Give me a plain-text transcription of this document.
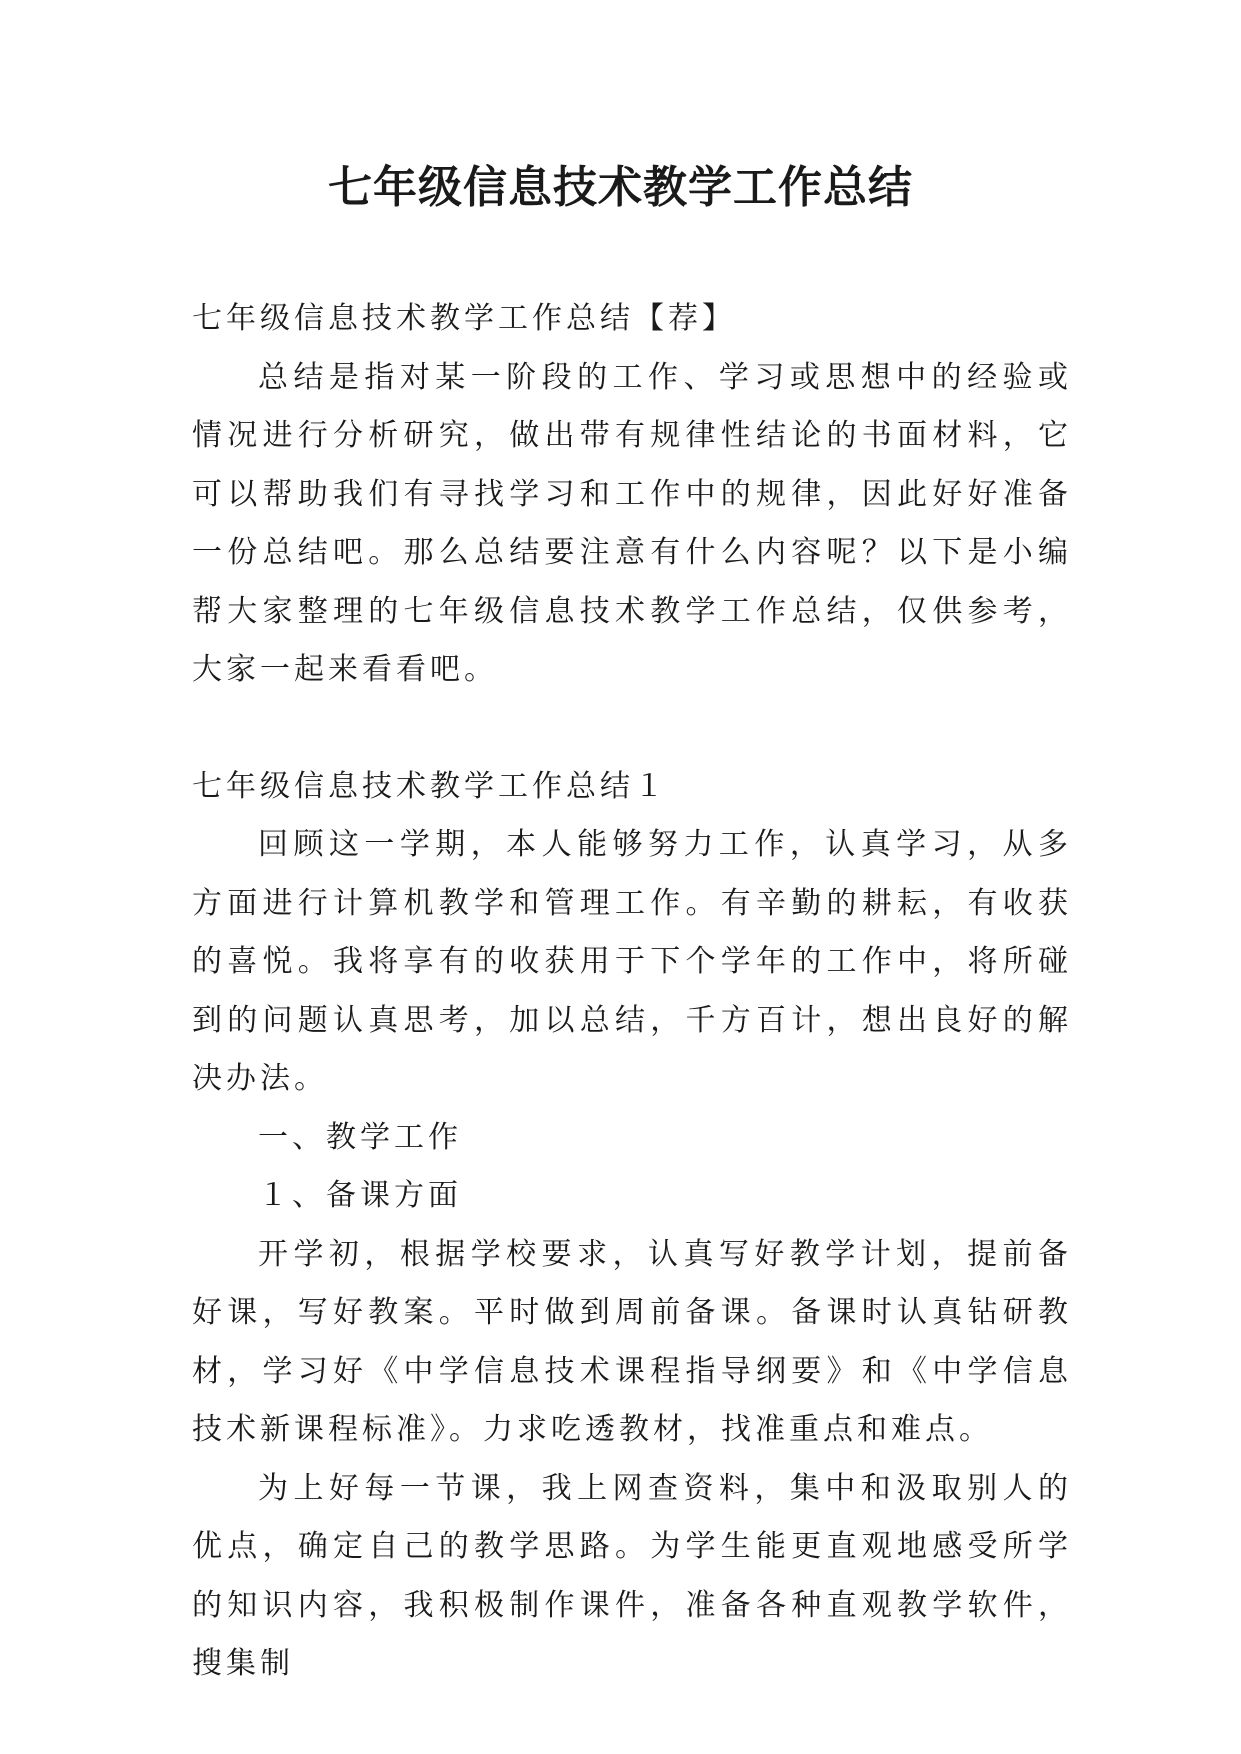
七年级信息技术教学工作总结

七年级信息技术教学工作总结【荐】

总结是指对某一阶段的工作、学习或思想中的经验或情况进行分析研究，做出带有规律性结论的书面材料，它可以帮助我们有寻找学习和工作中的规律，因此好好准备一份总结吧。那么总结要注意有什么内容呢？以下是小编帮大家整理的七年级信息技术教学工作总结，仅供参考，大家一起来看看吧。

七年级信息技术教学工作总结１

回顾这一学期，本人能够努力工作，认真学习，从多方面进行计算机教学和管理工作。有辛勤的耕耘，有收获的喜悦。我将享有的收获用于下个学年的工作中，将所碰到的问题认真思考，加以总结，千方百计，想出良好的解决办法。

一、教学工作

１、备课方面

开学初，根据学校要求，认真写好教学计划，提前备好课，写好教案。平时做到周前备课。备课时认真钻研教材，学习好《中学信息技术课程指导纲要》和《中学信息技术新课程标准》。力求吃透教材，找准重点和难点。

为上好每一节课，我上网查资料，集中和汲取别人的优点，确定自己的教学思路。为学生能更直观地感受所学的知识内容，我积极制作课件，准备各种直观教学软件，搜集制
